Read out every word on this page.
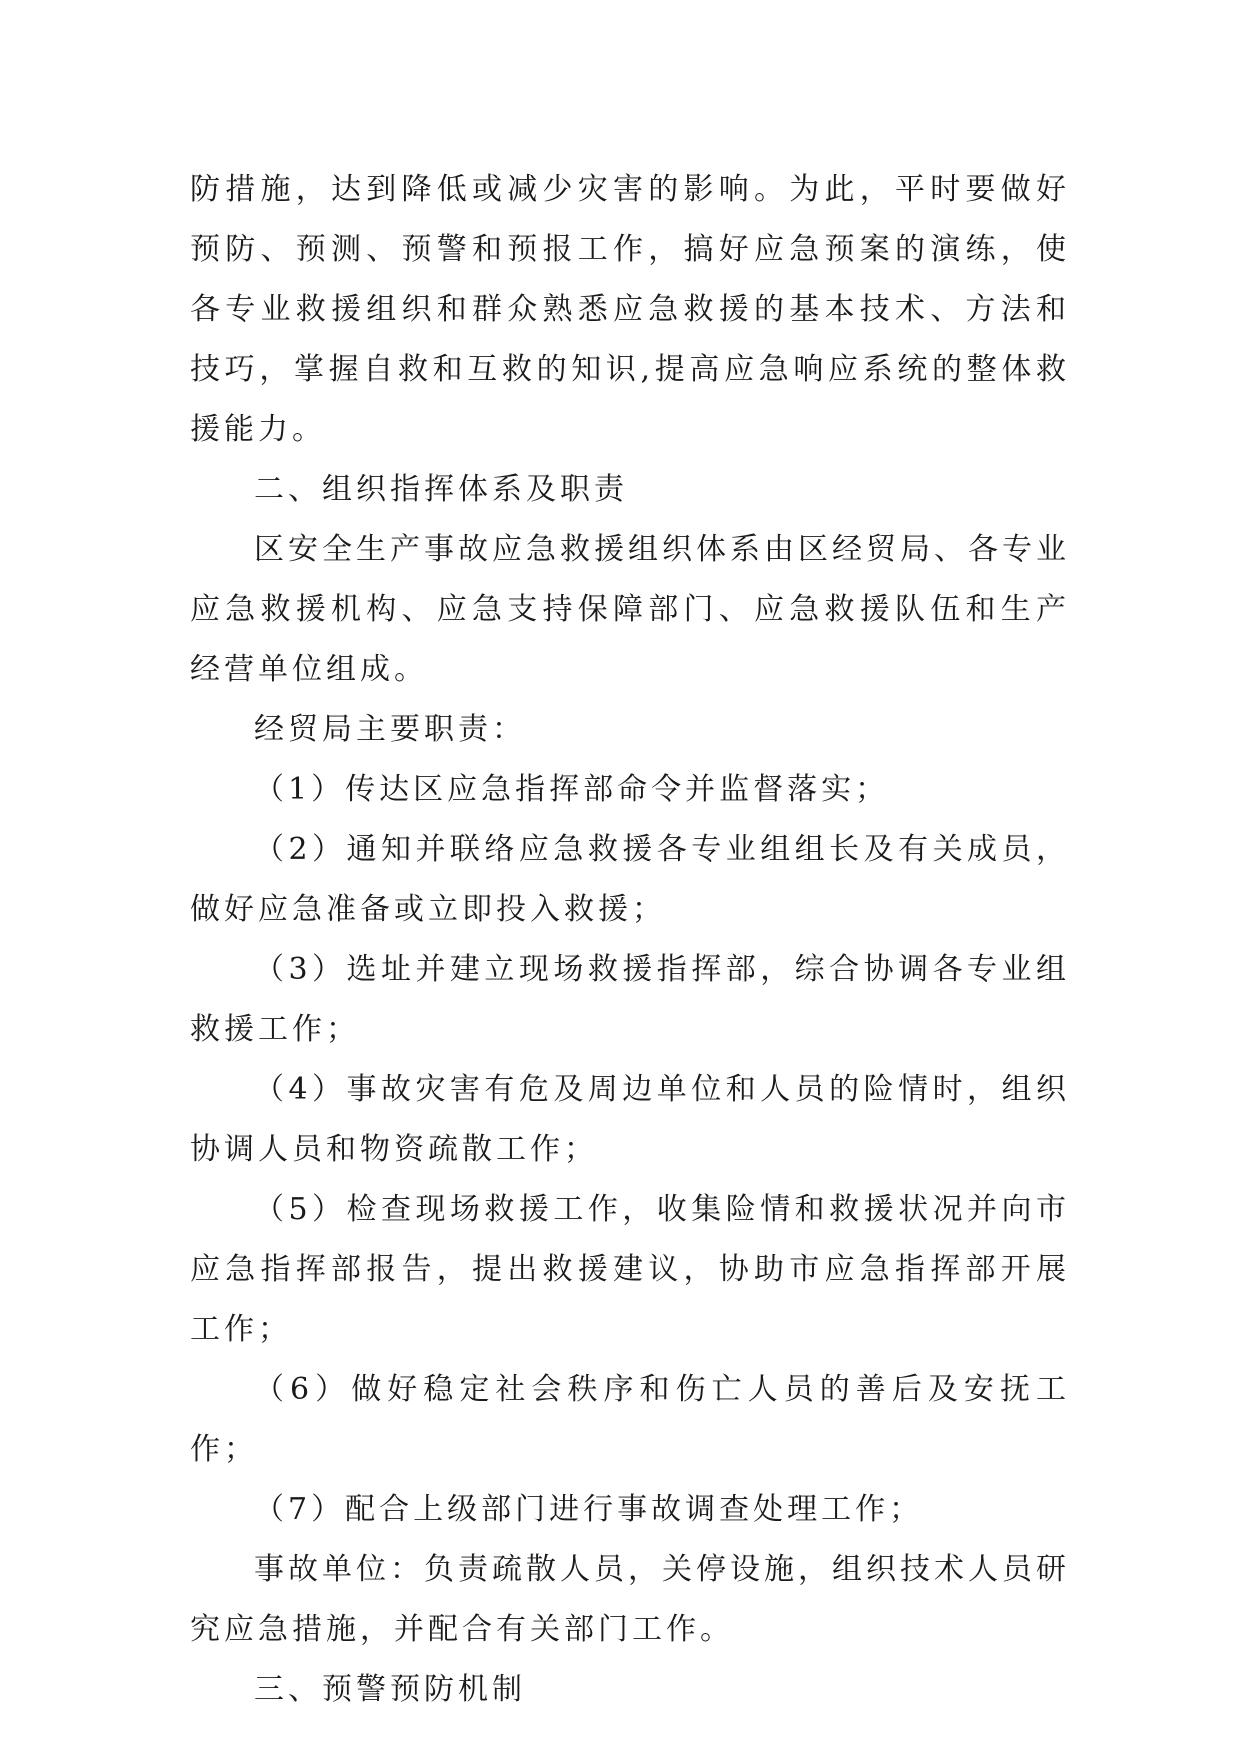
防措施，达到降低或减少灾害的影响。为此，平时要做好预防、预测、预警和预报工作，搞好应急预案的演练，使各专业救援组织和群众熟悉应急救援的基本技术、方法和技巧，掌握自救和互救的知识,提高应急响应系统的整体救援能力。

二、组织指挥体系及职责

区安全生产事故应急救援组织体系由区经贸局、各专业应急救援机构、应急支持保障部门、应急救援队伍和生产经营单位组成。

经贸局主要职责：

（1）传达区应急指挥部命令并监督落实；

（2）通知并联络应急救援各专业组组长及有关成员，做好应急准备或立即投入救援；

（3）选址并建立现场救援指挥部，综合协调各专业组救援工作；

（4）事故灾害有危及周边单位和人员的险情时，组织协调人员和物资疏散工作；

（5）检查现场救援工作，收集险情和救援状况并向市应急指挥部报告，提出救援建议，协助市应急指挥部开展工作；

（6）做好稳定社会秩序和伤亡人员的善后及安抚工作；

（7）配合上级部门进行事故调查处理工作；

事故单位：负责疏散人员，关停设施，组织技术人员研究应急措施，并配合有关部门工作。

三、预警预防机制
